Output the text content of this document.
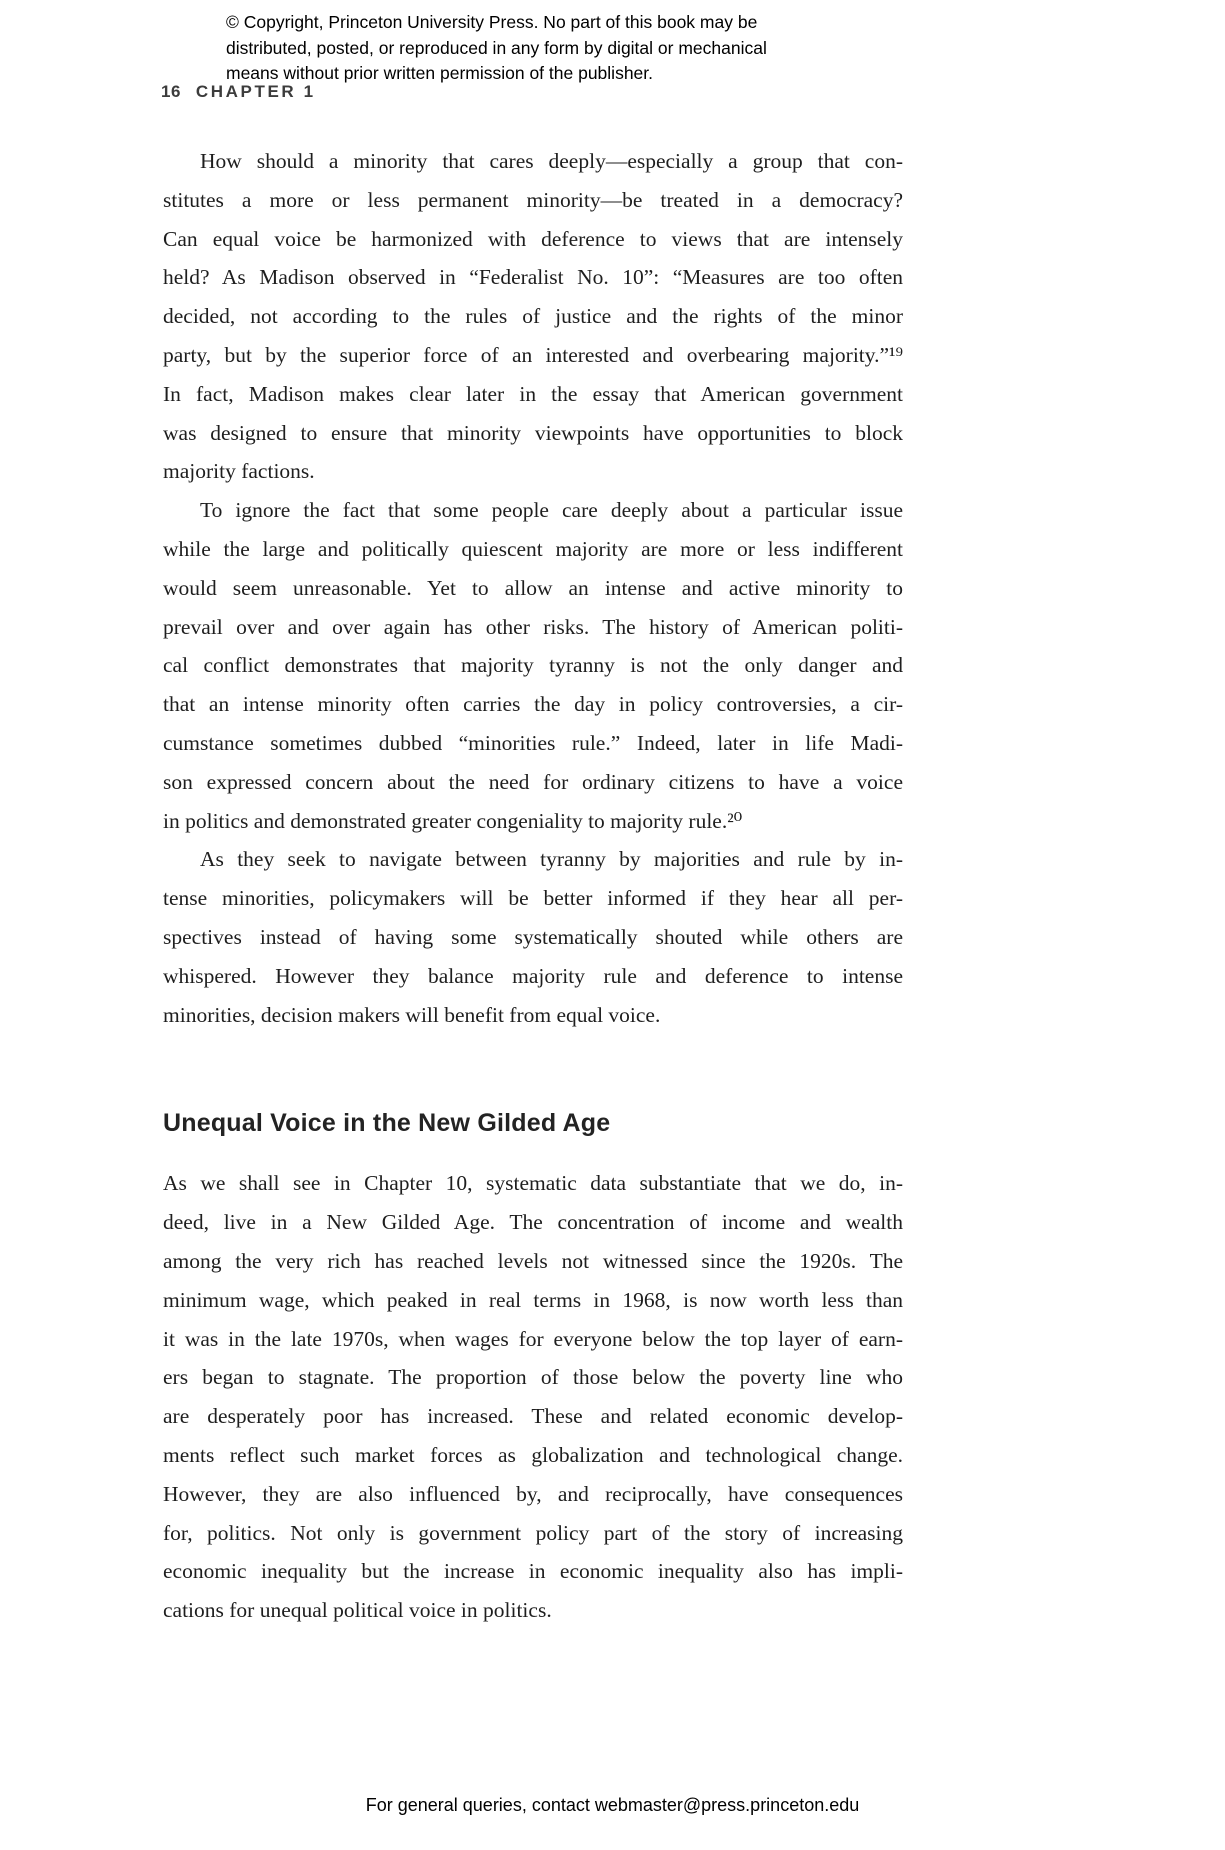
© Copyright, Princeton University Press. No part of this book may be
distributed, posted, or reproduced in any form by digital or mechanical
means without prior written permission of the publisher.
16 CHAPTER 1
How should a minority that cares deeply—especially a group that con-
stitutes a more or less permanent minority—be treated in a democracy?
Can equal voice be harmonized with deference to views that are intensely
held? As Madison observed in “Federalist No. 10”: “Measures are too often
decided, not according to the rules of justice and the rights of the minor
party, but by the superior force of an interested and overbearing majority.”¹⁹
In fact, Madison makes clear later in the essay that American government
was designed to ensure that minority viewpoints have opportunities to block
majority factions.
To ignore the fact that some people care deeply about a particular issue
while the large and politically quiescent majority are more or less indifferent
would seem unreasonable. Yet to allow an intense and active minority to
prevail over and over again has other risks. The history of American politi-
cal conflict demonstrates that majority tyranny is not the only danger and
that an intense minority often carries the day in policy controversies, a cir-
cumstance sometimes dubbed “minorities rule.” Indeed, later in life Madi-
son expressed concern about the need for ordinary citizens to have a voice
in politics and demonstrated greater congeniality to majority rule.²⁰
As they seek to navigate between tyranny by majorities and rule by in-
tense minorities, policymakers will be better informed if they hear all per-
spectives instead of having some systematically shouted while others are
whispered. However they balance majority rule and deference to intense
minorities, decision makers will benefit from equal voice.
Unequal Voice in the New Gilded Age
As we shall see in Chapter 10, systematic data substantiate that we do, in-
deed, live in a New Gilded Age. The concentration of income and wealth
among the very rich has reached levels not witnessed since the 1920s. The
minimum wage, which peaked in real terms in 1968, is now worth less than
it was in the late 1970s, when wages for everyone below the top layer of earn-
ers began to stagnate. The proportion of those below the poverty line who
are desperately poor has increased. These and related economic develop-
ments reflect such market forces as globalization and technological change.
However, they are also influenced by, and reciprocally, have consequences
for, politics. Not only is government policy part of the story of increasing
economic inequality but the increase in economic inequality also has impli-
cations for unequal political voice in politics.
For general queries, contact webmaster@press.princeton.edu
